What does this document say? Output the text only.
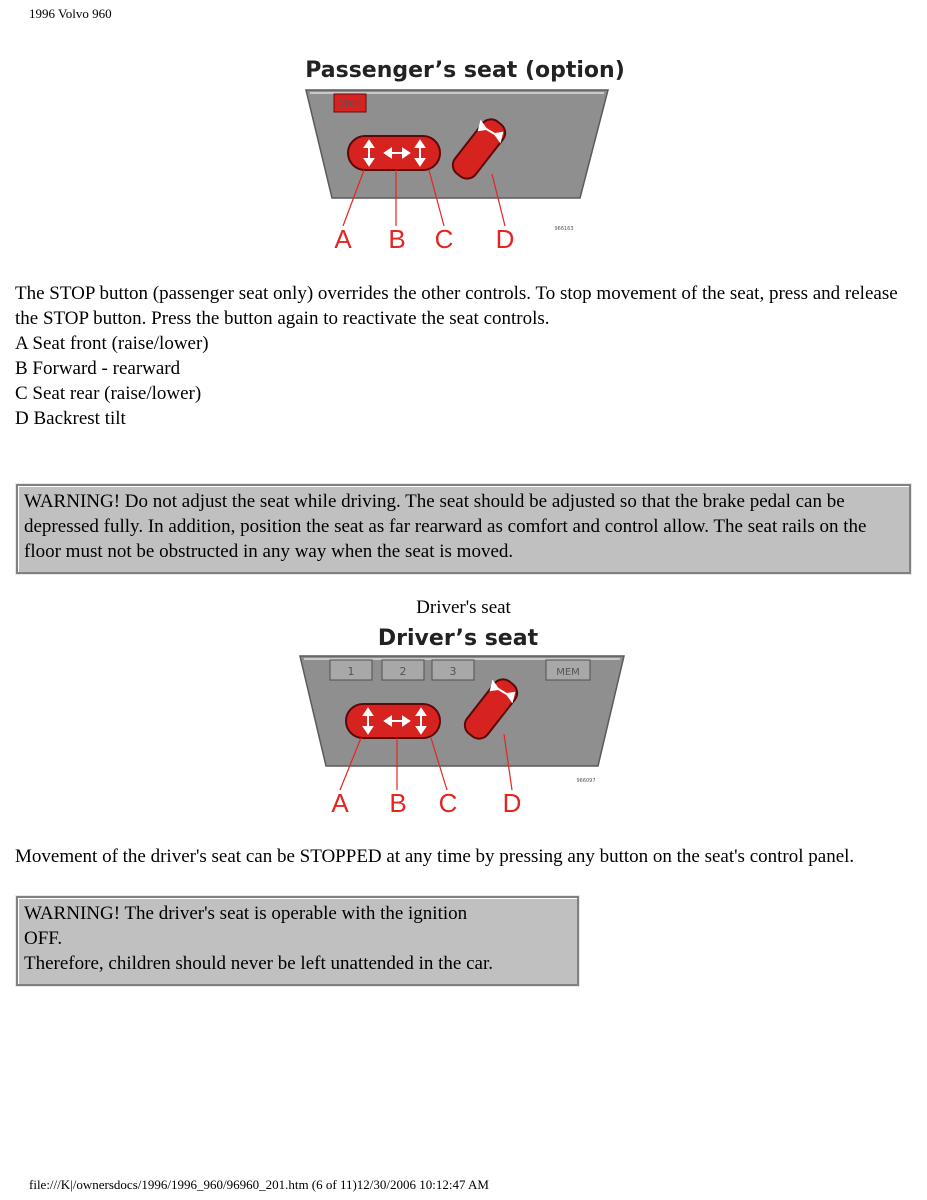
1996 Volvo 960
Passenger’s seat (option)
STOP
A B C D	966163

The STOP button (passenger seat only) overrides the other controls. To stop movement of the seat, press and release the STOP button. Press the button again to reactivate the seat controls.

A Seat front (raise/lower)

B Forward - rearward

C Seat rear (raise/lower)

D Backrest tilt

WARNING! Do not adjust the seat while driving. The seat should be adjusted so that the brake pedal can be depressed fully. In addition, position the seat as far rearward as comfort and control allow. The seat rails on the floor must not be obstructed in any way when the seat is moved.

Driver's seat
Driver’s seat
1	2	3	MEM
A B C D
966097

Movement of the driver's seat can be STOPPED at any time by pressing any button on the seat's control panel.

WARNING! The driver's seat is operable with the ignition

OFF.

Therefore, children should never be left unattended in the car.

file:///K|/ownersdocs/1996/1996_960/96960_201.htm (6 of 11)12/30/2006 10:12:47 AM
